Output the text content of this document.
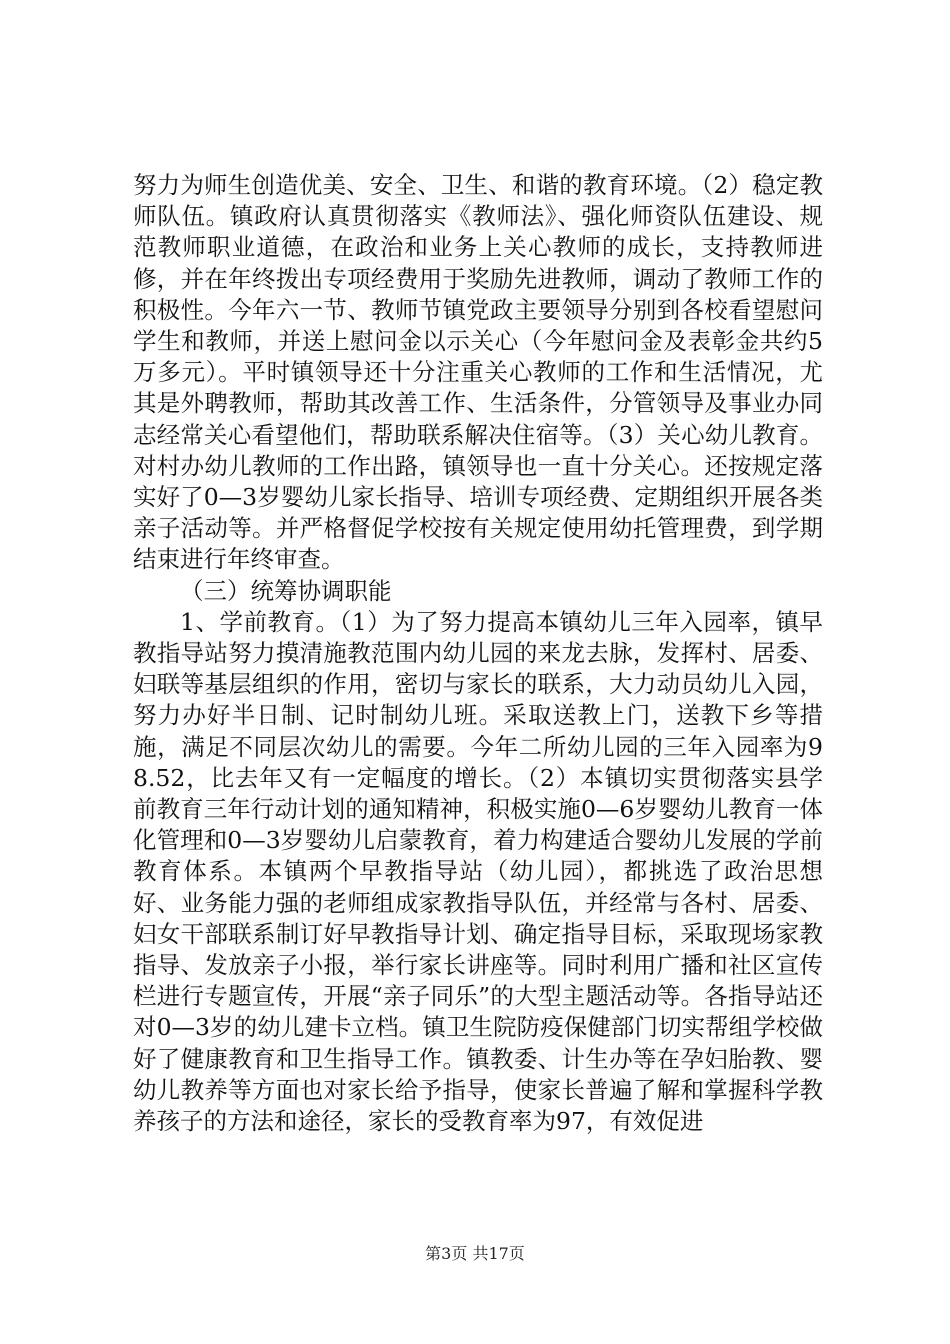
努力为师生创造优美、安全、卫生、和谐的教育环境。（2）稳定教师队伍。镇政府认真贯彻落实《教师法》、强化师资队伍建设、规范教师职业道德，在政治和业务上关心教师的成长，支持教师进修，并在年终拨出专项经费用于奖励先进教师，调动了教师工作的积极性。今年六一节、教师节镇党政主要领导分别到各校看望慰问学生和教师，并送上慰问金以示关心（今年慰问金及表彰金共约5万多元）。平时镇领导还十分注重关心教师的工作和生活情况，尤其是外聘教师，帮助其改善工作、生活条件，分管领导及事业办同志经常关心看望他们，帮助联系解决住宿等。（3）关心幼儿教育。对村办幼儿教师的工作出路，镇领导也一直十分关心。还按规定落实好了0—3岁婴幼儿家长指导、培训专项经费、定期组织开展各类亲子活动等。并严格督促学校按有关规定使用幼托管理费，到学期结束进行年终审查。

（三）统筹协调职能

1、学前教育。（1）为了努力提高本镇幼儿三年入园率，镇早教指导站努力摸清施教范围内幼儿园的来龙去脉，发挥村、居委、妇联等基层组织的作用，密切与家长的联系，大力动员幼儿入园，努力办好半日制、记时制幼儿班。采取送教上门，送教下乡等措施，满足不同层次幼儿的需要。今年二所幼儿园的三年入园率为98.52，比去年又有一定幅度的增长。（2）本镇切实贯彻落实县学前教育三年行动计划的通知精神，积极实施0—6岁婴幼儿教育一体化管理和0—3岁婴幼儿启蒙教育，着力构建适合婴幼儿发展的学前教育体系。本镇两个早教指导站（幼儿园），都挑选了政治思想好、业务能力强的老师组成家教指导队伍，并经常与各村、居委、妇女干部联系制订好早教指导计划、确定指导目标，采取现场家教指导、发放亲子小报，举行家长讲座等。同时利用广播和社区宣传栏进行专题宣传，开展“亲子同乐”的大型主题活动等。各指导站还对0—3岁的幼儿建卡立档。镇卫生院防疫保健部门切实帮组学校做好了健康教育和卫生指导工作。镇教委、计生办等在孕妇胎教、婴幼儿教养等方面也对家长给予指导，使家长普遍了解和掌握科学教养孩子的方法和途径，家长的受教育率为97，有效促进

第3页 共17页
